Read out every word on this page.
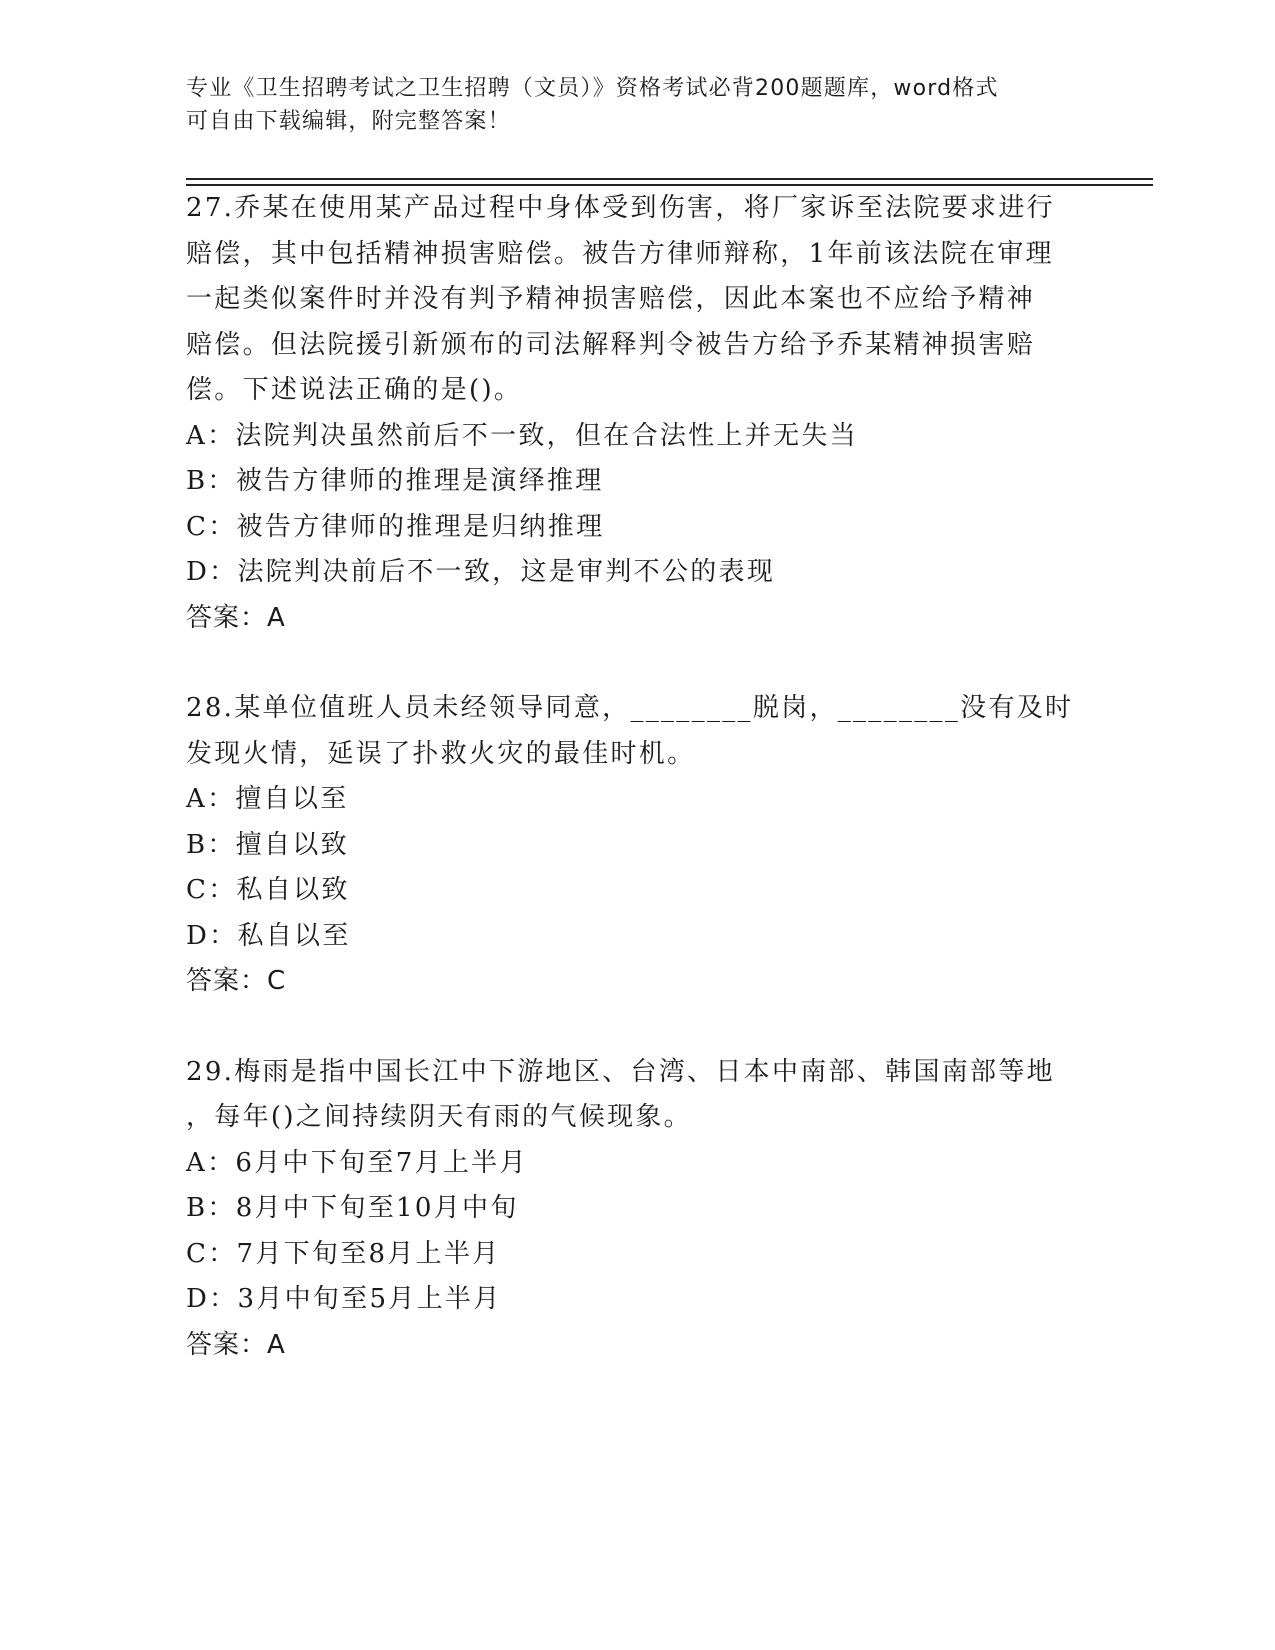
专业《卫生招聘考试之卫生招聘（文员）》资格考试必背200题题库，word格式
可自由下载编辑，附完整答案！
27.乔某在使用某产品过程中身体受到伤害，将厂家诉至法院要求进行
赔偿，其中包括精神损害赔偿。被告方律师辩称，1年前该法院在审理
一起类似案件时并没有判予精神损害赔偿，因此本案也不应给予精神
赔偿。但法院援引新颁布的司法解释判令被告方给予乔某精神损害赔
偿。下述说法正确的是()。
A：法院判决虽然前后不一致，但在合法性上并无失当
B：被告方律师的推理是演绎推理
C：被告方律师的推理是归纳推理
D：法院判决前后不一致，这是审判不公的表现
答案：A
28.某单位值班人员未经领导同意，________脱岗，________没有及时
发现火情，延误了扑救火灾的最佳时机。
A：擅自以至
B：擅自以致
C：私自以致
D：私自以至
答案：C
29.梅雨是指中国长江中下游地区、台湾、日本中南部、韩国南部等地
，每年()之间持续阴天有雨的气候现象。
A：6月中下旬至7月上半月
B：8月中下旬至10月中旬
C：7月下旬至8月上半月
D：3月中旬至5月上半月
答案：A
